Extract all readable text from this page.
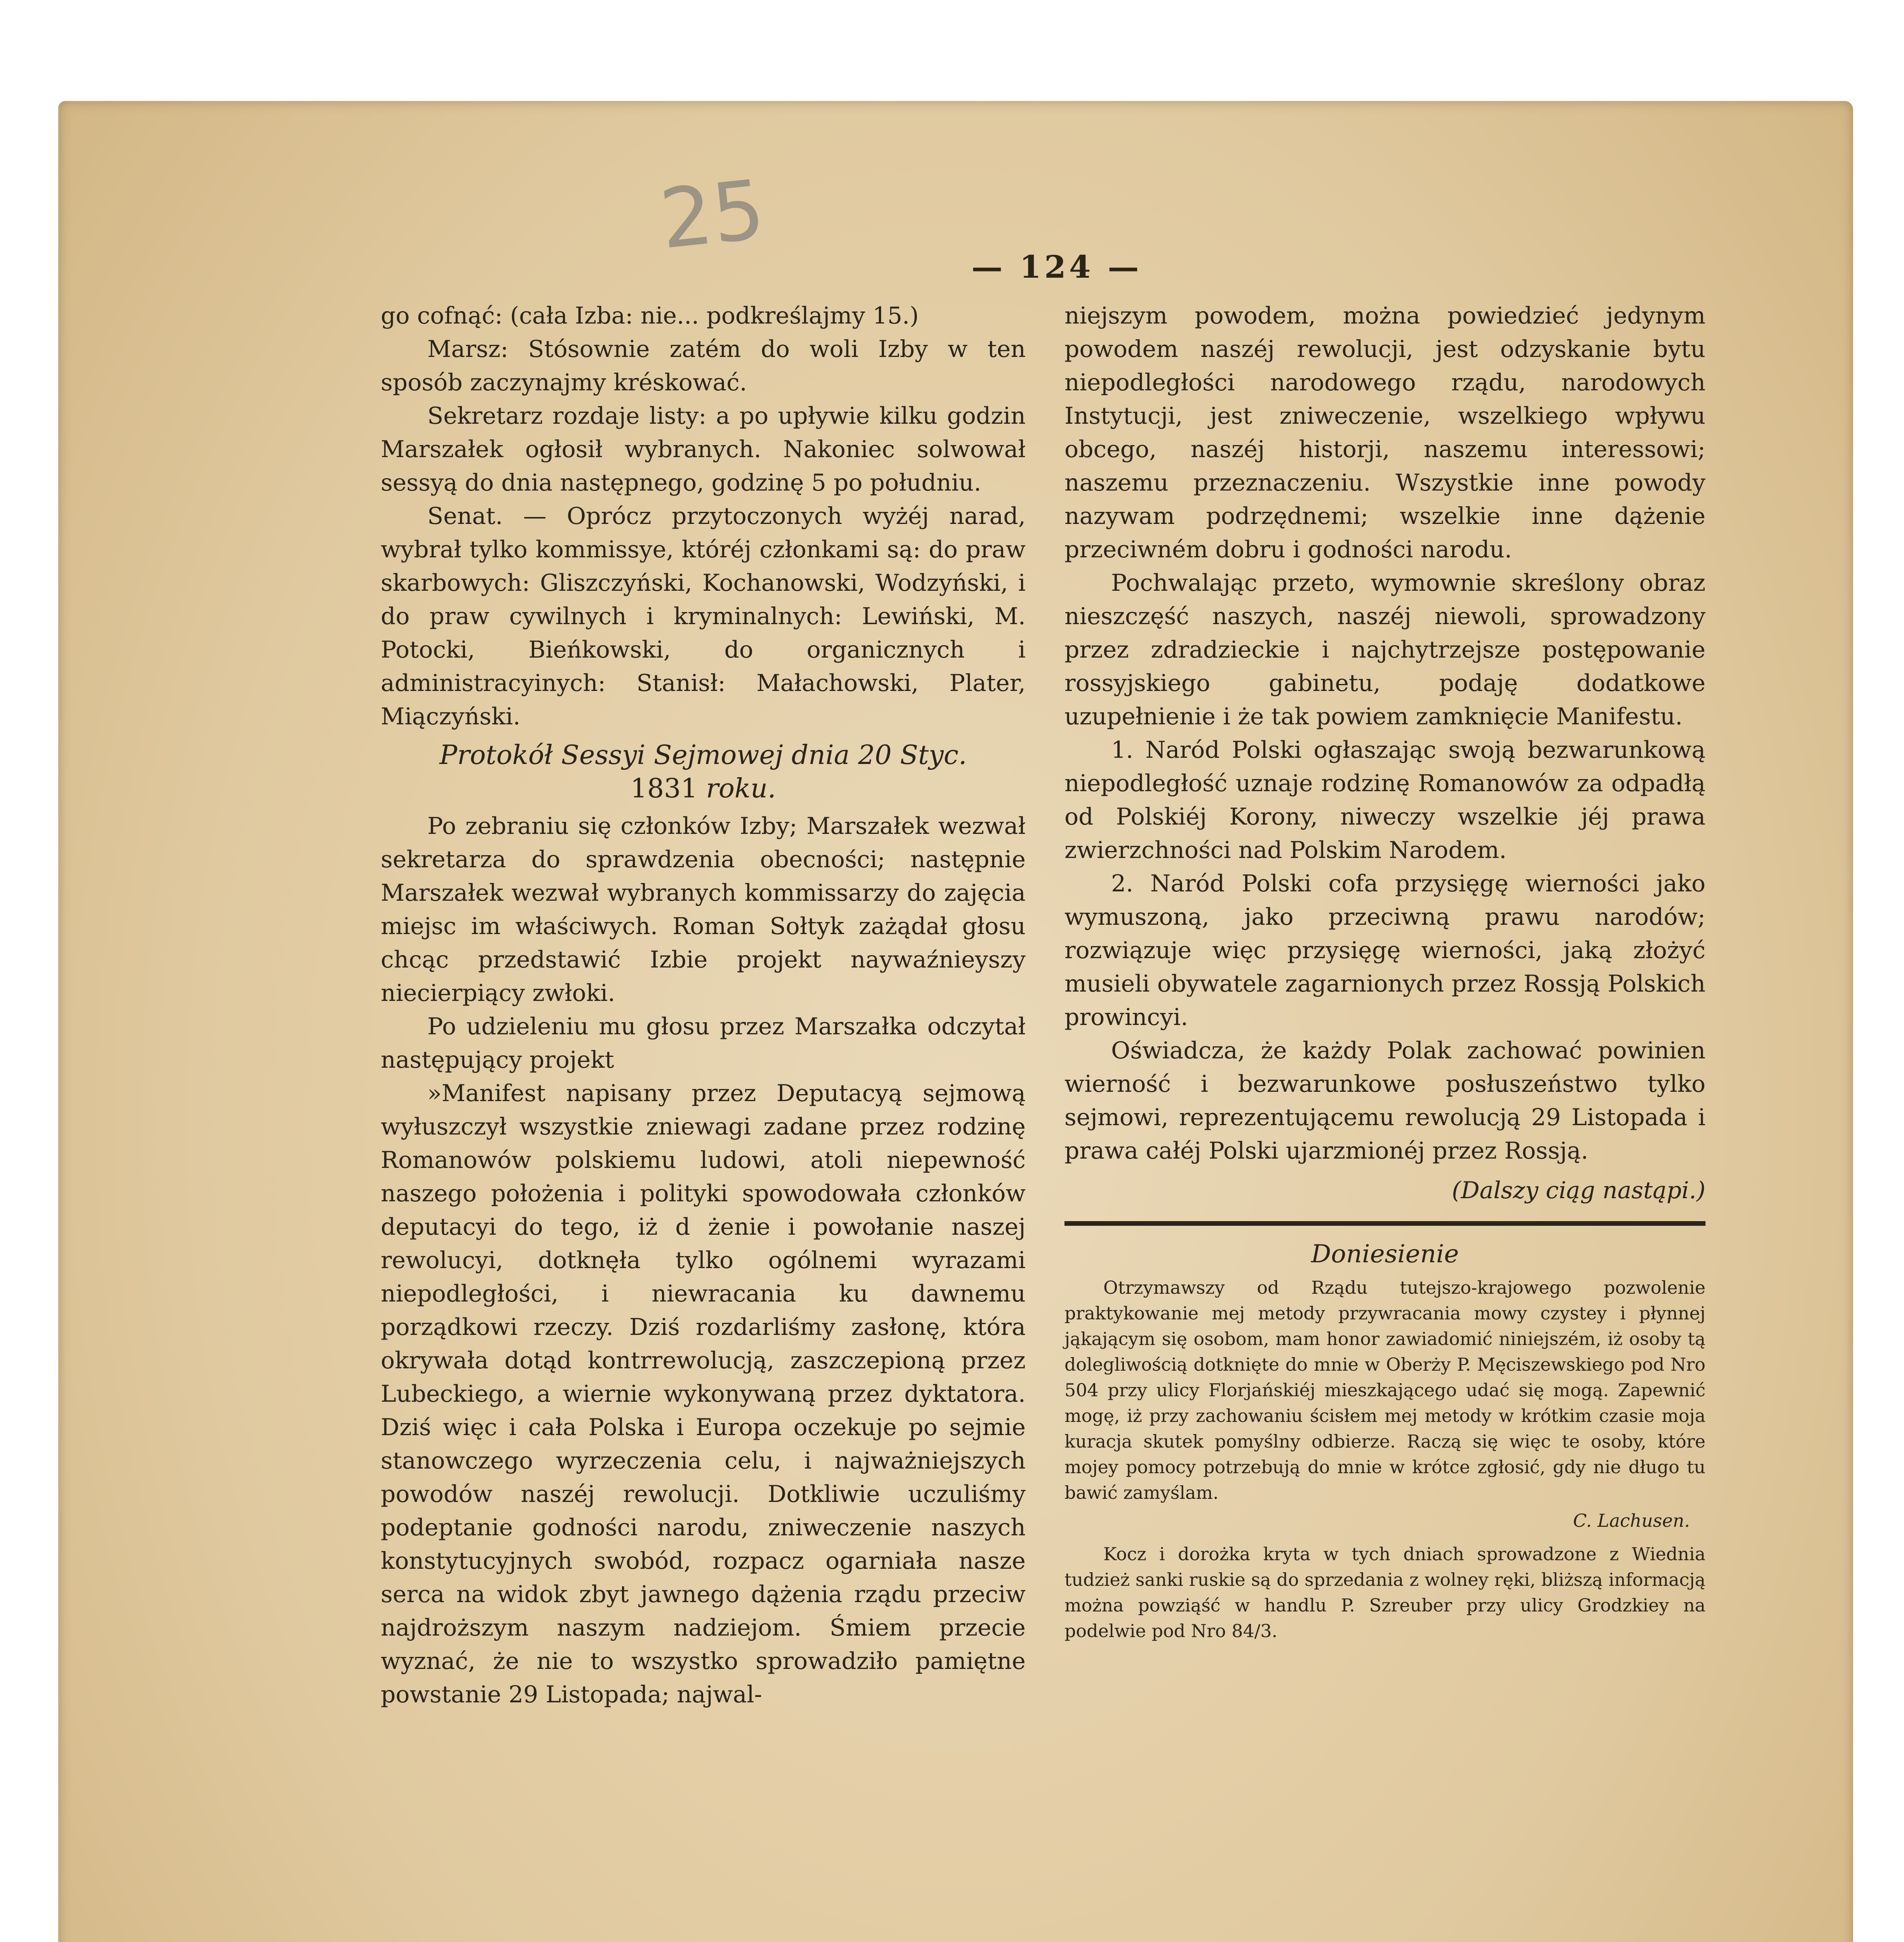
25	— 124 —

go cofnąć: (cała Izba: nie... podkreślajmy 15.)

Marsz: Stósownie zatém do woli Izby w ten sposób zaczynajmy kréskować.

Sekretarz rozdaje listy: a po upływie kilku godzin Marszałek ogłosił wybranych. Nakoniec solwował sessyą do dnia następnego, godzinę 5 po południu.

Senat. — Oprócz przytoczonych wyżéj narad, wybrał tylko kommissye, któréj członkami są: do praw skarbowych: Gliszczyński, Kochanowski, Wodzyński, i do praw cywilnych i kryminalnych: Lewiński, M. Potocki, Bieńkowski, do organicznych i administracyinych: Stanisł: Małachowski, Plater, Miączyński.

Protokół Sessyi Sejmowej dnia 20 Styc.
1831 roku.

Po zebraniu się członków Izby; Marszałek wezwał sekretarza do sprawdzenia obecności; następnie Marszałek wezwał wybranych kommissarzy do zajęcia miejsc im właściwych. Roman Sołtyk zażądał głosu chcąc przedstawić Izbie projekt naywaźnieyszy niecierpiący zwłoki.

Po udzieleniu mu głosu przez Marszałka odczytał następujący projekt

»Manifest napisany przez Deputacyą sejmową wyłuszczył wszystkie zniewagi zadane przez rodzinę Romanowów polskiemu ludowi, atoli niepewność naszego położenia i polityki spowodowała członków deputacyi do tego, iż d żenie i powołanie naszej rewolucyi, dotknęła tylko ogólnemi wyrazami niepodległości, i niewracania ku dawnemu porządkowi rzeczy. Dziś rozdarliśmy zasłonę, która okrywała dotąd kontrrewolucją, zaszczepioną przez Lubeckiego, a wiernie wykonywaną przez dyktatora. Dziś więc i cała Polska i Europa oczekuje po sejmie stanowczego wyrzeczenia celu, i najważniejszych powodów naszéj rewolucji. Dotkliwie uczuliśmy podeptanie godności narodu, zniweczenie naszych konstytucyjnych swobód, rozpacz ogarniała nasze serca na widok zbyt jawnego dążenia rządu przeciw najdroższym naszym nadziejom. Śmiem przecie wyznać, że nie to wszystko sprowadziło pamiętne powstanie 29 Listopada; najwal-

niejszym powodem, można powiedzieć jedynym powodem naszéj rewolucji, jest odzyskanie bytu niepodległości narodowego rządu, narodowych Instytucji, jest zniweczenie, wszelkiego wpływu obcego, naszéj historji, naszemu interessowi; naszemu przeznaczeniu. Wszystkie inne powody nazywam podrzędnemi; wszelkie inne dążenie przeciwném dobru i godności narodu.

Pochwalając przeto, wymownie skreślony obraz nieszczęść naszych, naszéj niewoli, sprowadzony przez zdradzieckie i najchytrzejsze postępowanie rossyjskiego gabinetu, podaję dodatkowe uzupełnienie i że tak powiem zamknięcie Manifestu.

1. Naród Polski ogłaszając swoją bezwarunkową niepodległość uznaje rodzinę Romanowów za odpadłą od Polskiéj Korony, niweczy wszelkie jéj prawa zwierzchności nad Polskim Narodem.

2. Naród Polski cofa przysięgę wierności jako wymuszoną, jako przeciwną prawu narodów; rozwiązuje więc przysięgę wierności, jaką złożyć musieli obywatele zagarnionych przez Rossją Polskich prowincyi.

Oświadcza, że każdy Polak zachować powinien wierność i bezwarunkowe posłuszeństwo tylko sejmowi, reprezentującemu rewolucją 29 Listopada i prawa całéj Polski ujarzmionéj przez Rossją.

(Dalszy ciąg nastąpi.)
Doniesienie

Otrzymawszy od Rządu tutejszo-krajowego pozwolenie praktykowanie mej metody przywracania mowy czystey i płynnej jąkającym się osobom, mam honor zawiadomić niniejszém, iż osoby tą dolegliwością dotknięte do mnie w Oberży P. Męciszewskiego pod Nro 504 przy ulicy Florjańskiéj mieszkającego udać się mogą. Zapewnić mogę, iż przy zachowaniu ścisłem mej metody w krótkim czasie moja kuracja skutek pomyślny odbierze. Raczą się więc te osoby, które mojey pomocy potrzebują do mnie w krótce zgłosić, gdy nie długo tu bawić zamyślam.

C. Lachusen.

Kocz i dorożka kryta w tych dniach sprowadzone z Wiednia tudzież sanki ruskie są do sprzedania z wolney ręki, bliższą informacją można powziąść w handlu P. Szreuber przy ulicy Grodzkiey na podelwie pod Nro 84/3.
